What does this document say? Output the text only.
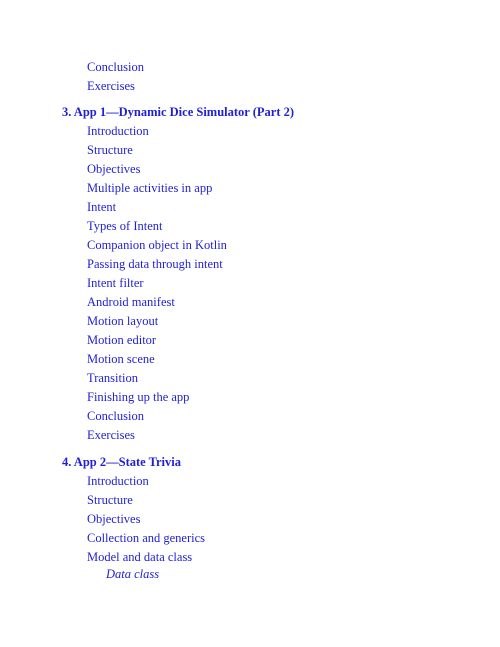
Conclusion
Exercises
3. App 1—Dynamic Dice Simulator (Part 2)
Introduction
Structure
Objectives
Multiple activities in app
Intent
Types of Intent
Companion object in Kotlin
Passing data through intent
Intent filter
Android manifest
Motion layout
Motion editor
Motion scene
Transition
Finishing up the app
Conclusion
Exercises
4. App 2—State Trivia
Introduction
Structure
Objectives
Collection and generics
Model and data class
Data class
